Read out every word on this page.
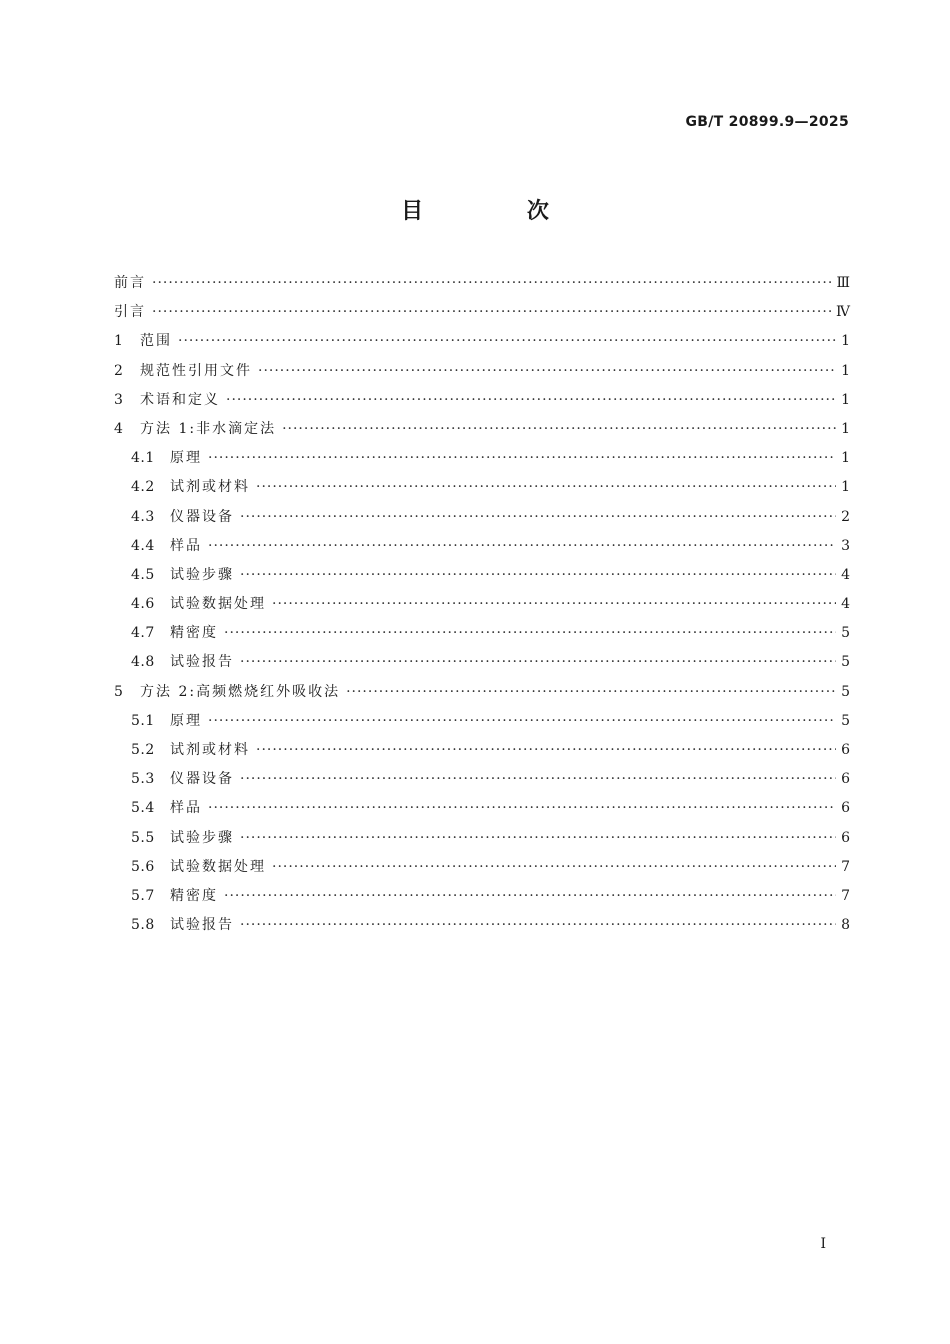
GB/T 20899.9—2025
目 次
前言 ·····	Ⅲ
引言 ·····	Ⅳ
1	范围 ·····	1
2	规范性引用文件 ·····	1
3	术语和定义 ·····	1
4	方法 1:非水滴定法 ·····	1
4.1	原理 ·····	1
4.2	试剂或材料 ·····	1
4.3	仪器设备 ·····	2
4.4	样品 ·····	3
4.5	试验步骤 ·····	4
4.6	试验数据处理 ·····	4
4.7	精密度 ·····	5
4.8	试验报告 ·····	5
5	方法 2:高频燃烧红外吸收法 ·····	5
5.1	原理 ·····	5
5.2	试剂或材料 ·····	6
5.3	仪器设备 ·····	6
5.4	样品 ·····	6
5.5	试验步骤 ·····	6
5.6	试验数据处理 ·····	7
5.7	精密度 ·····	7
5.8	试验报告 ·····	8
I
